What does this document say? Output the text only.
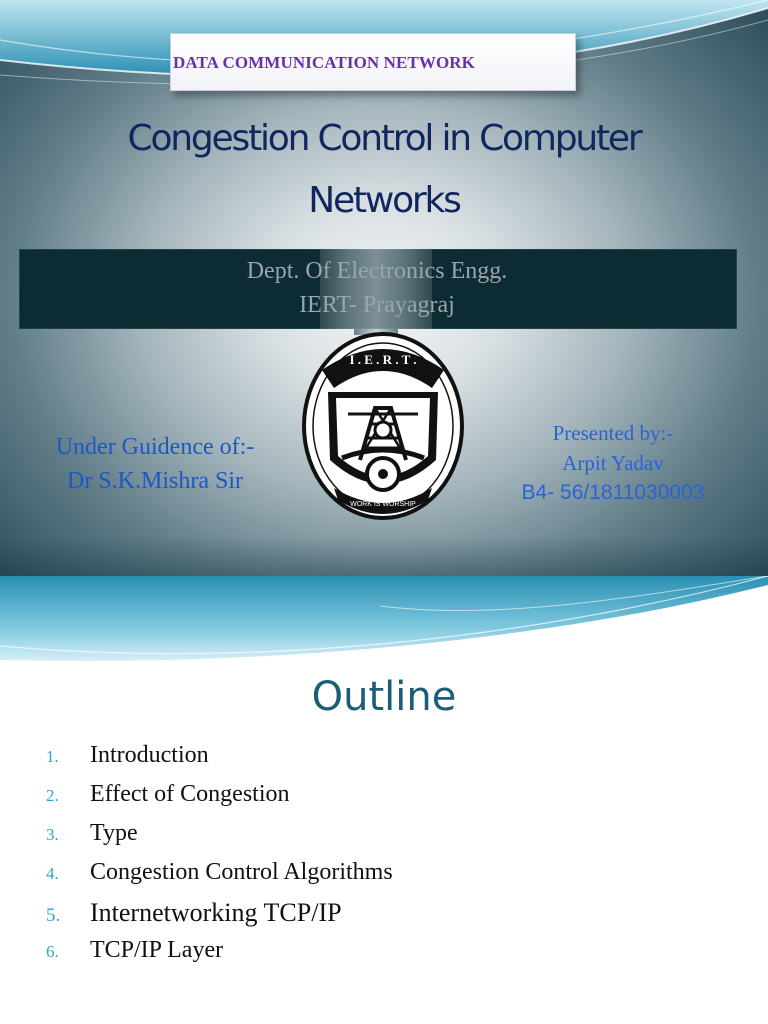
DATA COMMUNICATION NETWORK
Congestion Control in Computer
Networks
Dept. Of Electronics Engg.
IERT- Prayagraj
I . E . R . T .
WORK IS WORSHIP
Under Guidence of:-
Dr S.K.Mishra Sir
Presented by:-
Arpit Yadav
B4- 56/1811030003
Outline
1.	Introduction
2.	Effect of Congestion
3.	Type
4.	Congestion Control Algorithms
5.	Internetworking TCP/IP
6.	TCP/IP Layer
